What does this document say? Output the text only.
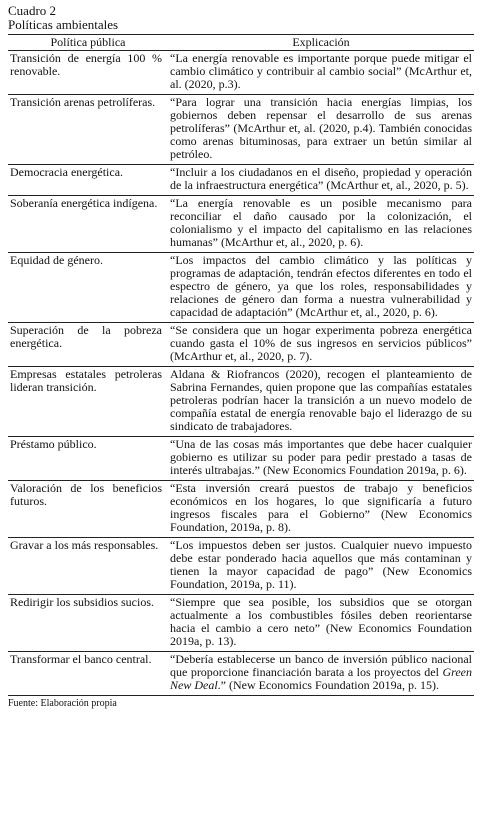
Cuadro 2
Políticas ambientales
Política pública	Explicación
Transición de energía 100 % renovable.	“La energía renovable es importante porque puede mitigar el cambio climático y contribuir al cambio social” (McArthur et, al. (2020, p.3).
Transición arenas petrolíferas.	“Para lograr una transición hacia energías limpias, los gobiernos deben repensar el desarrollo de sus arenas petrolíferas” (McArthur et, al. (2020, p.4). También conocidas como arenas bituminosas, para extraer un betún similar al petróleo.
Democracia energética.	“Incluir a los ciudadanos en el diseño, propiedad y operación de la infraestructura energética” (McArthur et, al., 2020, p. 5).
Soberanía energética indígena.	“La energía renovable es un posible mecanismo para reconciliar el daño causado por la colonización, el colonialismo y el impacto del capitalismo en las relaciones humanas” (McArthur et, al., 2020, p. 6).
Equidad de género.	“Los impactos del cambio climático y las políticas y programas de adaptación, tendrán efectos diferentes en todo el espectro de género, ya que los roles, responsabilidades y relaciones de género dan forma a nuestra vulnerabilidad y capacidad de adaptación” (McArthur et, al., 2020, p. 6).
Superación de la pobreza energética.	“Se considera que un hogar experimenta pobreza energética cuando gasta el 10% de sus ingresos en servicios públicos” (McArthur et, al., 2020, p. 7).
Empresas estatales petroleras lideran transición.	Aldana & Riofrancos (2020), recogen el planteamiento de Sabrina Fernandes, quien propone que las compañías estatales petroleras podrían hacer la transición a un nuevo modelo de compañía estatal de energía renovable bajo el liderazgo de su sindicato de trabajadores.
Préstamo público.	“Una de las cosas más importantes que debe hacer cualquier gobierno es utilizar su poder para pedir prestado a tasas de interés ultrabajas.” (New Economics Foundation 2019a, p. 6).
Valoración de los beneficios futuros.	“Esta inversión creará puestos de trabajo y beneficios económicos en los hogares, lo que significaría a futuro ingresos fiscales para el Gobierno” (New Economics Foundation, 2019a, p. 8).
Gravar a los más responsables.	“Los impuestos deben ser justos. Cualquier nuevo impuesto debe estar ponderado hacia aquellos que más contaminan y tienen la mayor capacidad de pago” (New Economics Foundation, 2019a, p. 11).
Redirigir los subsidios sucios.	“Siempre que sea posible, los subsidios que se otorgan actualmente a los combustibles fósiles deben reorientarse hacia el cambio a cero neto” (New Economics Foundation 2019a, p. 13).
Transformar el banco central.	“Debería establecerse un banco de inversión público nacional que proporcione financiación barata a los proyectos del Green New Deal.” (New Economics Foundation 2019a, p. 15).
Fuente: Elaboración propia
